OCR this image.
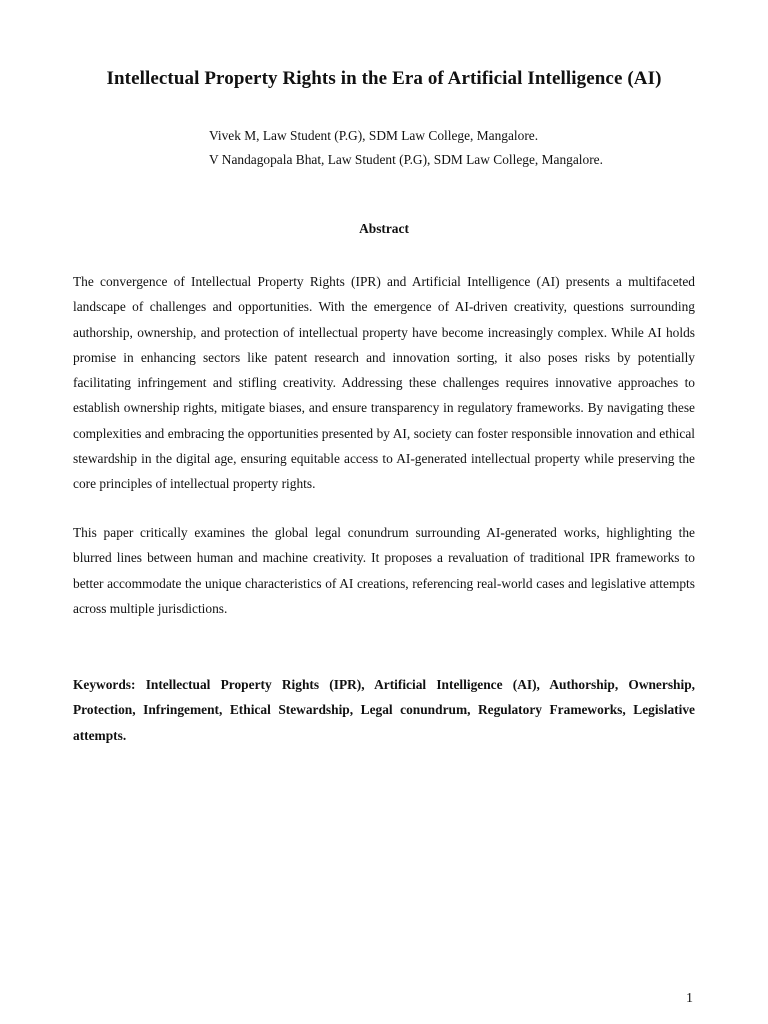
Intellectual Property Rights in the Era of Artificial Intelligence (AI)
Vivek M, Law Student (P.G), SDM Law College, Mangalore.
V Nandagopala Bhat, Law Student (P.G), SDM Law College, Mangalore.
Abstract

The convergence of Intellectual Property Rights (IPR) and Artificial Intelligence (AI) presents a multifaceted landscape of challenges and opportunities. With the emergence of AI-driven creativity, questions surrounding authorship, ownership, and protection of intellectual property have become increasingly complex. While AI holds promise in enhancing sectors like patent research and innovation sorting, it also poses risks by potentially facilitating infringement and stifling creativity. Addressing these challenges requires innovative approaches to establish ownership rights, mitigate biases, and ensure transparency in regulatory frameworks. By navigating these complexities and embracing the opportunities presented by AI, society can foster responsible innovation and ethical stewardship in the digital age, ensuring equitable access to AI-generated intellectual property while preserving the core principles of intellectual property rights.

This paper critically examines the global legal conundrum surrounding AI-generated works, highlighting the blurred lines between human and machine creativity. It proposes a revaluation of traditional IPR frameworks to better accommodate the unique characteristics of AI creations, referencing real-world cases and legislative attempts across multiple jurisdictions.

Keywords: Intellectual Property Rights (IPR), Artificial Intelligence (AI), Authorship, Ownership, Protection, Infringement, Ethical Stewardship, Legal conundrum, Regulatory Frameworks, Legislative attempts.

1
